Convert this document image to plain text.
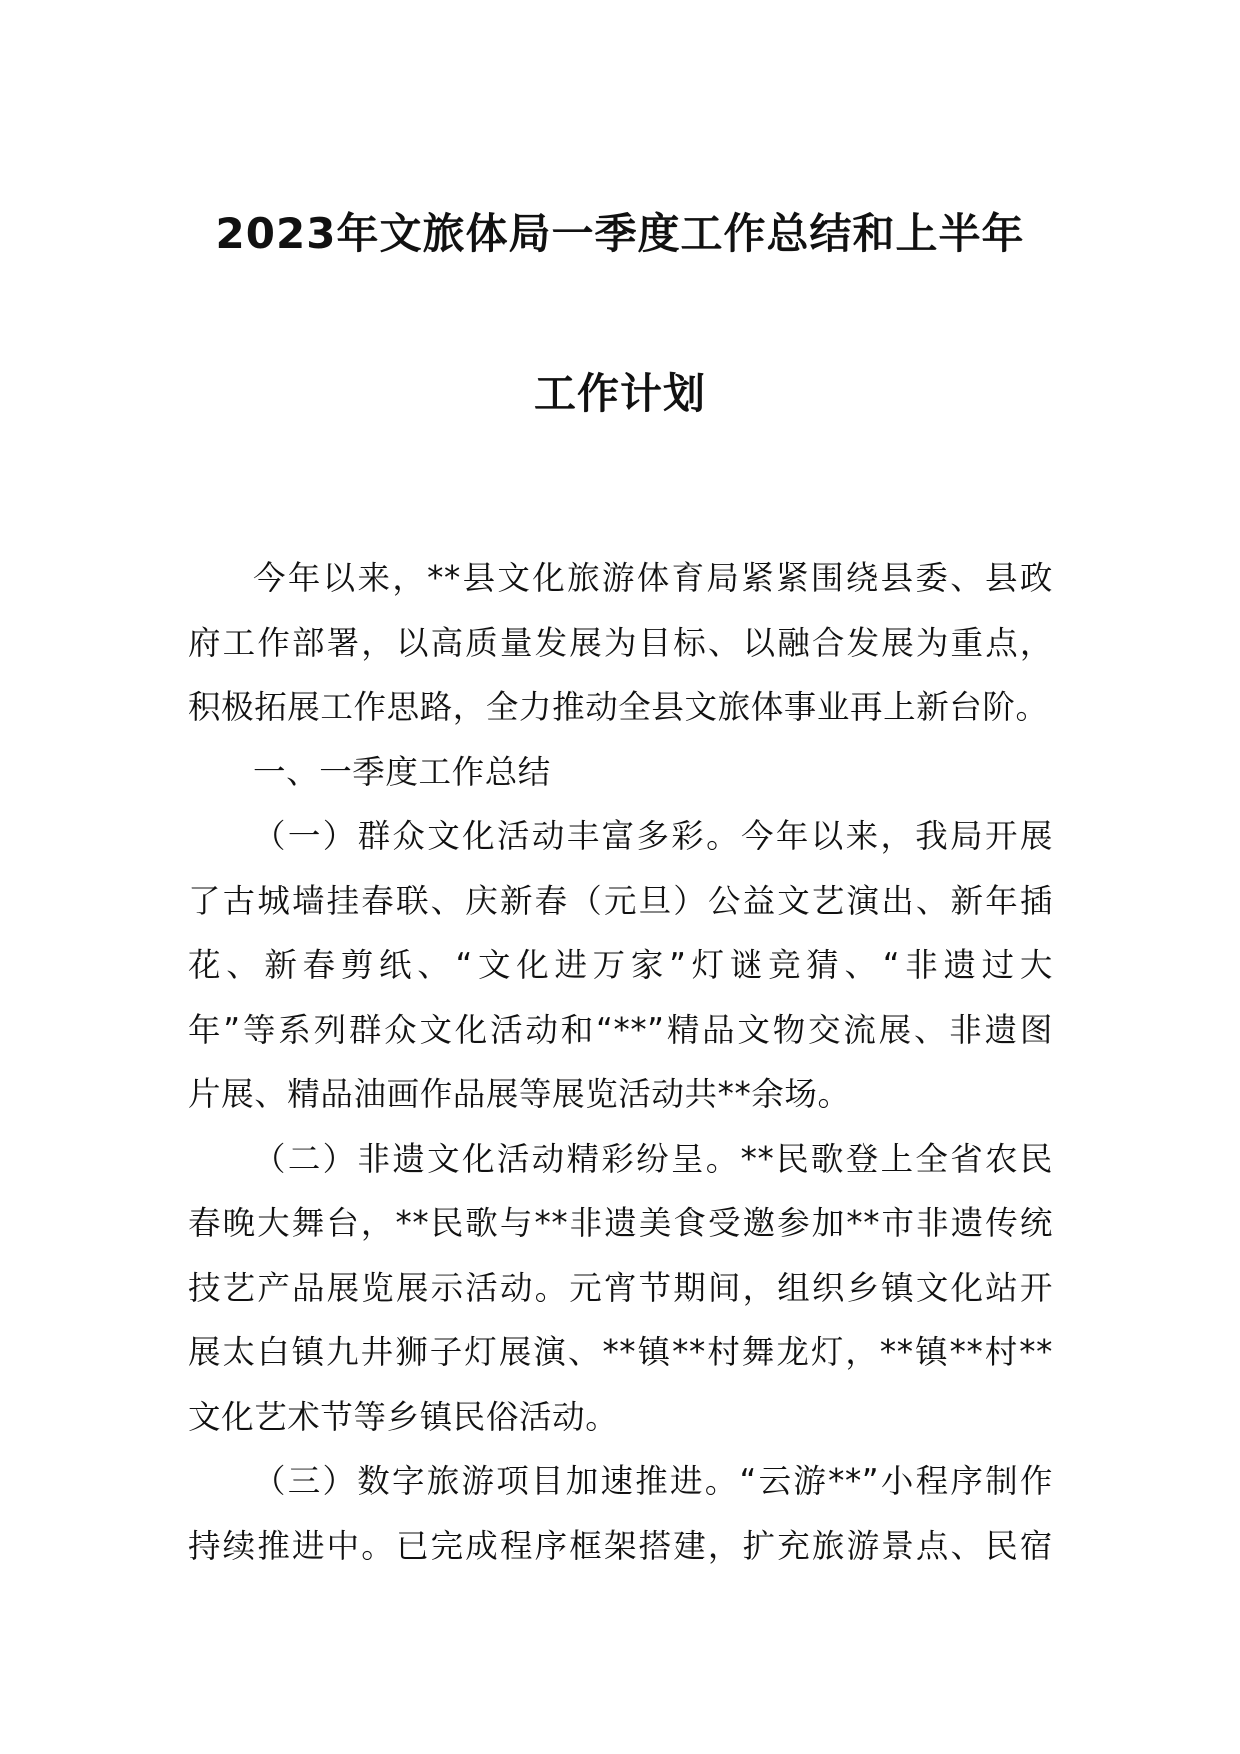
2023年文旅体局一季度工作总结和上半年
工作计划
今年以来，**县文化旅游体育局紧紧围绕县委、县政
府工作部署，以高质量发展为目标、以融合发展为重点，
积极拓展工作思路，全力推动全县文旅体事业再上新台阶。
一、一季度工作总结
（一）群众文化活动丰富多彩。今年以来，我局开展
了古城墙挂春联、庆新春（元旦）公益文艺演出、新年插
花、新春剪纸、“文化进万家”灯谜竞猜、“非遗过大
年”等系列群众文化活动和“**”精品文物交流展、非遗图
片展、精品油画作品展等展览活动共**余场。
（二）非遗文化活动精彩纷呈。**民歌登上全省农民
春晚大舞台，**民歌与**非遗美食受邀参加**市非遗传统
技艺产品展览展示活动。元宵节期间，组织乡镇文化站开
展太白镇九井狮子灯展演、**镇**村舞龙灯，**镇**村**
文化艺术节等乡镇民俗活动。
（三）数字旅游项目加速推进。“云游**”小程序制作
持续推进中。已完成程序框架搭建，扩充旅游景点、民宿
